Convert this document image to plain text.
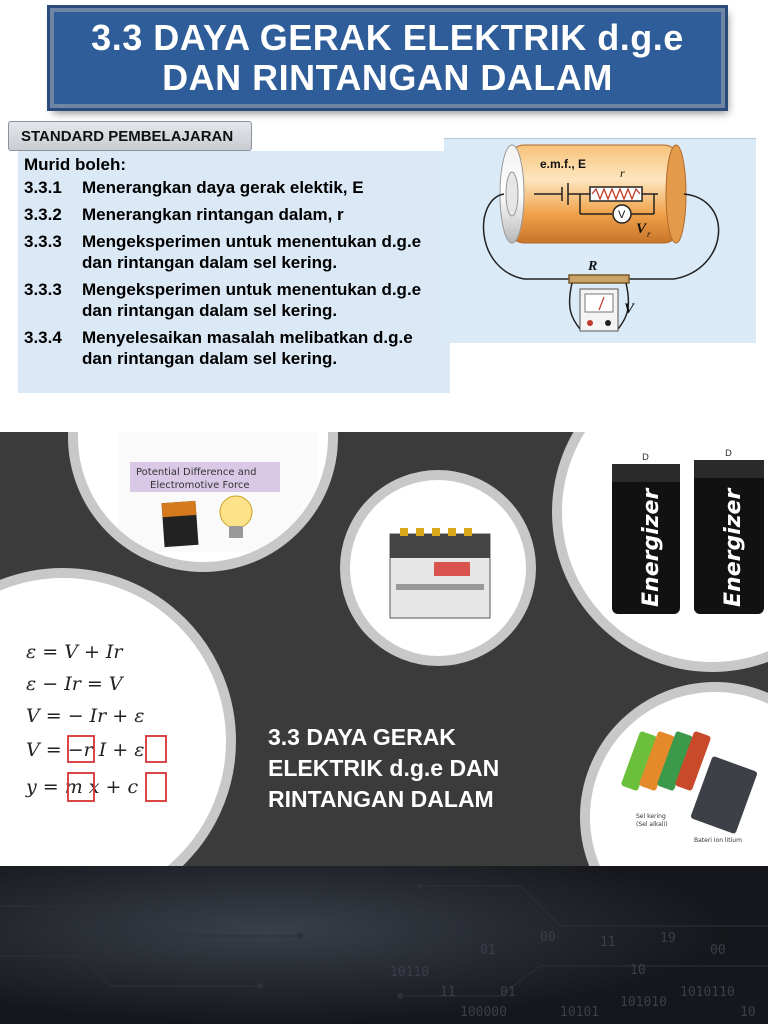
3.3 DAYA GERAK ELEKTRIK d.g.e
DAN RINTANGAN DALAM
STANDARD PEMBELAJARAN
Murid boleh:
3.3.1	Menerangkan daya gerak elektik, E
3.3.2	Menerangkan rintangan dalam, r
3.3.3	Mengeksperimen untuk menentukan d.g.e dan rintangan dalam sel kering.
3.3.3	Mengeksperimen untuk menentukan d.g.e dan rintangan dalam sel kering.
3.3.4	Menyelesaikan masalah melibatkan d.g.e dan rintangan dalam sel kering.
e.m.f., E
r
V
V r
R
V
Potential Difference and
Electromotive Force
D
Energizer
D
Energizer
ε = V + Ir
ε − Ir = V
V = − Ir + ε
V = −r I + ε
y = m x + c
Sel kering
(Sel alkali)
Bateri ion litium
3.3 DAYA GERAK ELEKTRIK d.g.e DAN RINTANGAN DALAM
10110
01
00	11	19
00
10
11	01
100000	10101
101010
1010110
10
